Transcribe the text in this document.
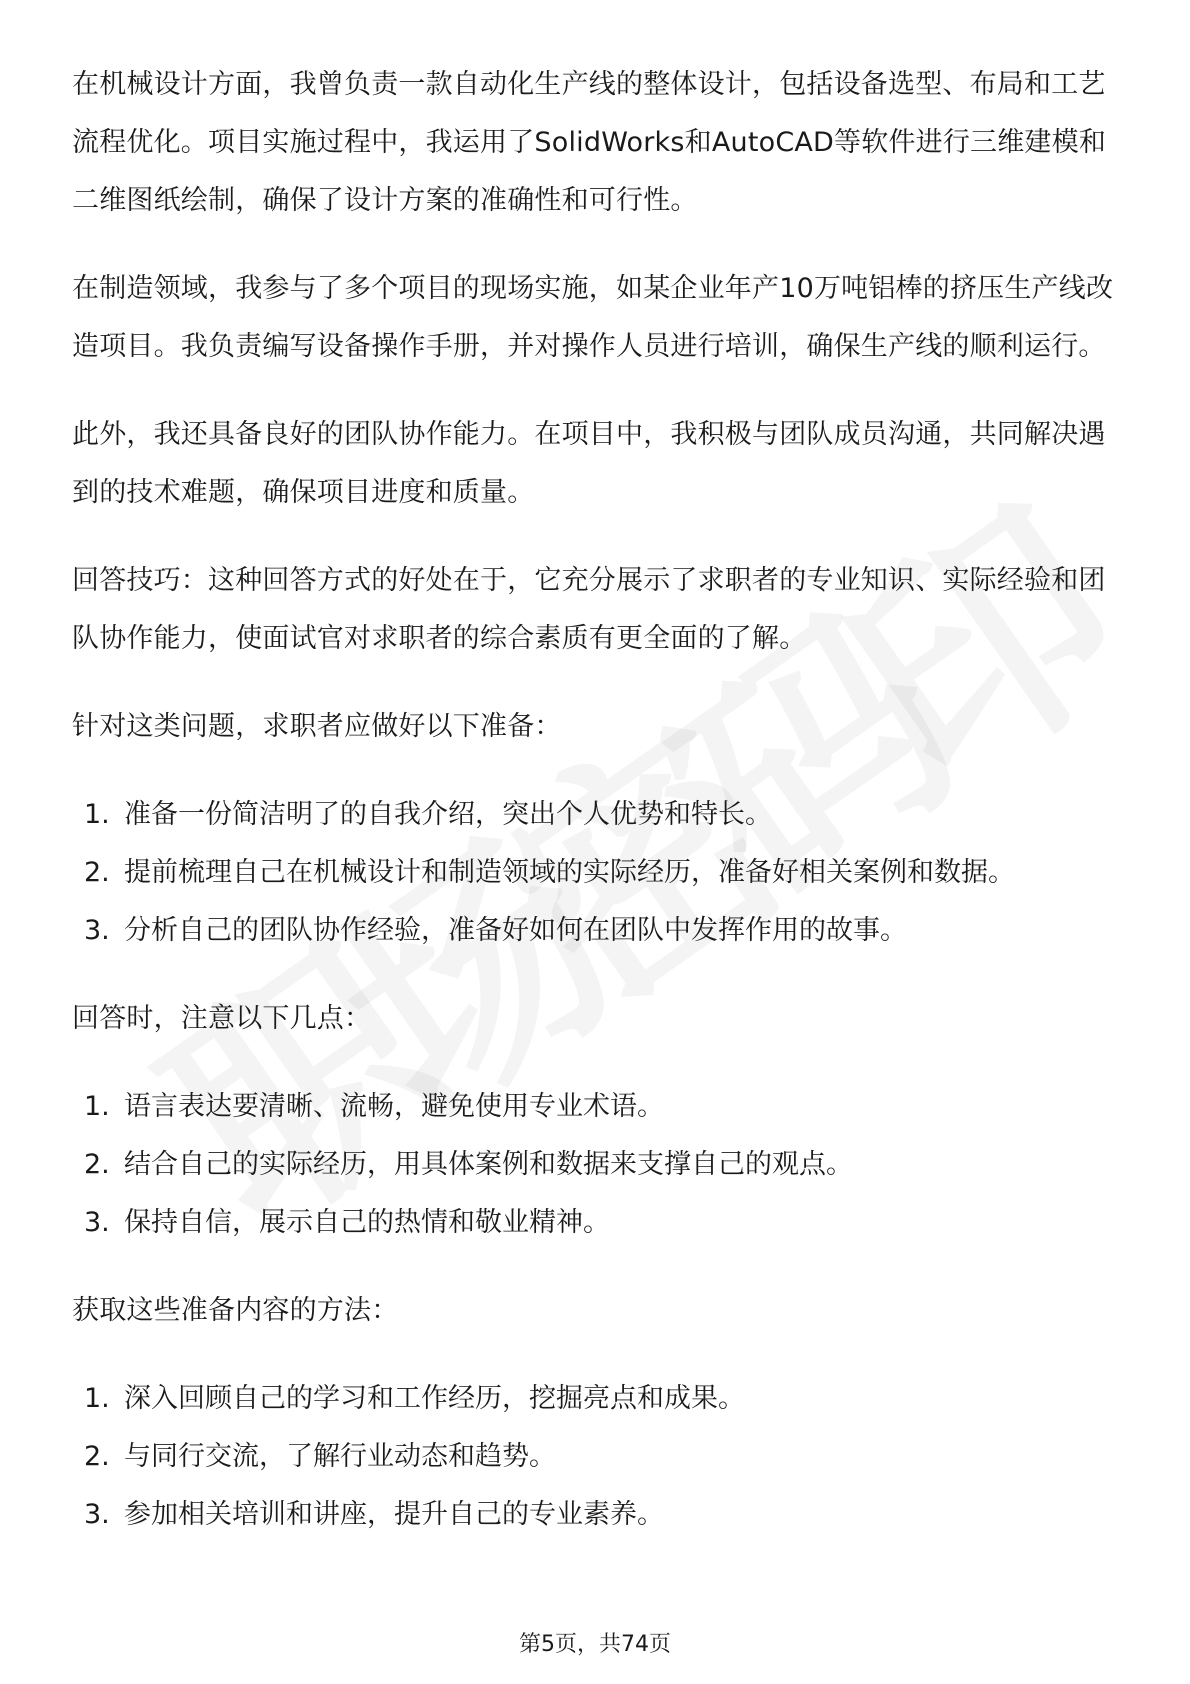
在机械设计方面，我曾负责一款自动化生产线的整体设计，包括设备选型、布局和工艺流程优化。项目实施过程中，我运用了SolidWorks和AutoCAD等软件进行三维建模和二维图纸绘制，确保了设计方案的准确性和可行性。

在制造领域，我参与了多个项目的现场实施，如某企业年产10万吨铝棒的挤压生产线改造项目。我负责编写设备操作手册，并对操作人员进行培训，确保生产线的顺利运行。

此外，我还具备良好的团队协作能力。在项目中，我积极与团队成员沟通，共同解决遇到的技术难题，确保项目进度和质量。

回答技巧：这种回答方式的好处在于，它充分展示了求职者的专业知识、实际经验和团队协作能力，使面试官对求职者的综合素质有更全面的了解。

针对这类问题，求职者应做好以下准备：

1. 准备一份简洁明了的自我介绍，突出个人优势和特长。
2. 提前梳理自己在机械设计和制造领域的实际经历，准备好相关案例和数据。
3. 分析自己的团队协作经验，准备好如何在团队中发挥作用的故事。

回答时，注意以下几点：

1. 语言表达要清晰、流畅，避免使用专业术语。
2. 结合自己的实际经历，用具体案例和数据来支撑自己的观点。
3. 保持自信，展示自己的热情和敬业精神。

获取这些准备内容的方法：

1. 深入回顾自己的学习和工作经历，挖掘亮点和成果。
2. 与同行交流，了解行业动态和趋势。
3. 参加相关培训和讲座，提升自己的专业素养。
第5页，共74页
